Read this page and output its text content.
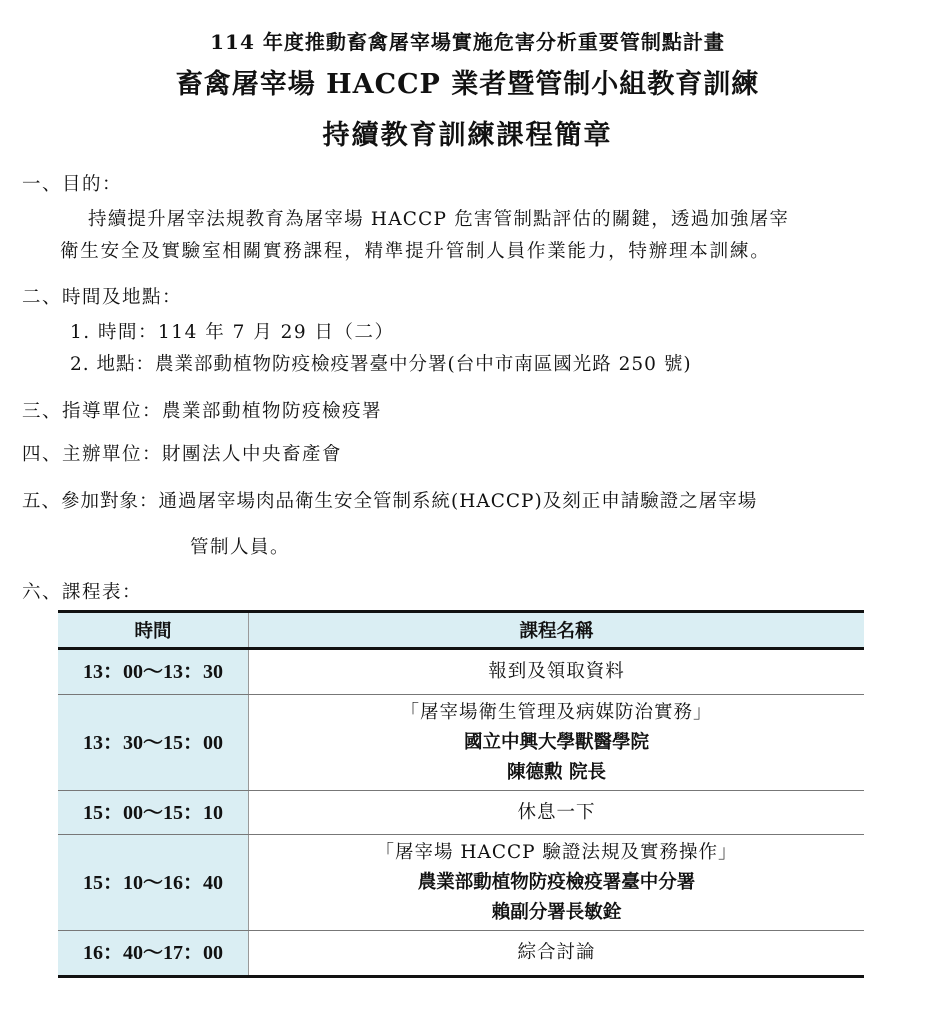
114 年度推動畜禽屠宰場實施危害分析重要管制點計畫
畜禽屠宰場 HACCP 業者暨管制小組教育訓練
持續教育訓練課程簡章
一、目的：
持續提升屠宰法規教育為屠宰場 HACCP 危害管制點評估的關鍵，透過加強屠宰
衛生安全及實驗室相關實務課程，精準提升管制人員作業能力，特辦理本訓練。
二、時間及地點：
1. 時間：114 年 7 月 29 日（二）
2. 地點：農業部動植物防疫檢疫署臺中分署(台中市南區國光路 250 號)
三、指導單位：農業部動植物防疫檢疫署
四、主辦單位：財團法人中央畜產會
五、參加對象：通過屠宰場肉品衛生安全管制系統(HACCP)及刻正申請驗證之屠宰場
管制人員。
六、課程表：
時間	課程名稱
13：00～13：30	報到及領取資料

13：30～15：00	「屠宰場衛生管理及病媒防治實務」
國立中興大學獸醫學院
陳德勲 院長

15：00～15：10	休息一下

15：10～16：40	「屠宰場 HACCP 驗證法規及實務操作」
農業部動植物防疫檢疫署臺中分署
賴副分署長敏銓

16：40～17：00	綜合討論
